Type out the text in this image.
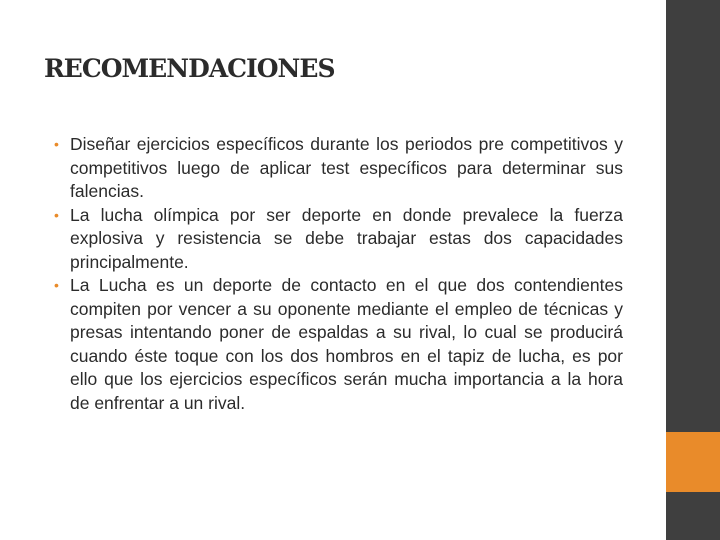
RECOMENDACIONES
• Diseñar ejercicios específicos durante los periodos pre competitivos y competitivos luego de aplicar test específicos para determinar sus falencias.
• La lucha olímpica por ser deporte en donde prevalece la fuerza explosiva y resistencia se debe trabajar estas dos capacidades principalmente.
• La Lucha es un deporte de contacto en el que dos contendientes compiten por vencer a su oponente mediante el empleo de técnicas y presas intentando poner de espaldas a su rival, lo cual se producirá cuando éste toque con los dos hombros en el tapiz de lucha, es por ello que los ejercicios específicos serán mucha importancia a la hora de enfrentar a un rival.
